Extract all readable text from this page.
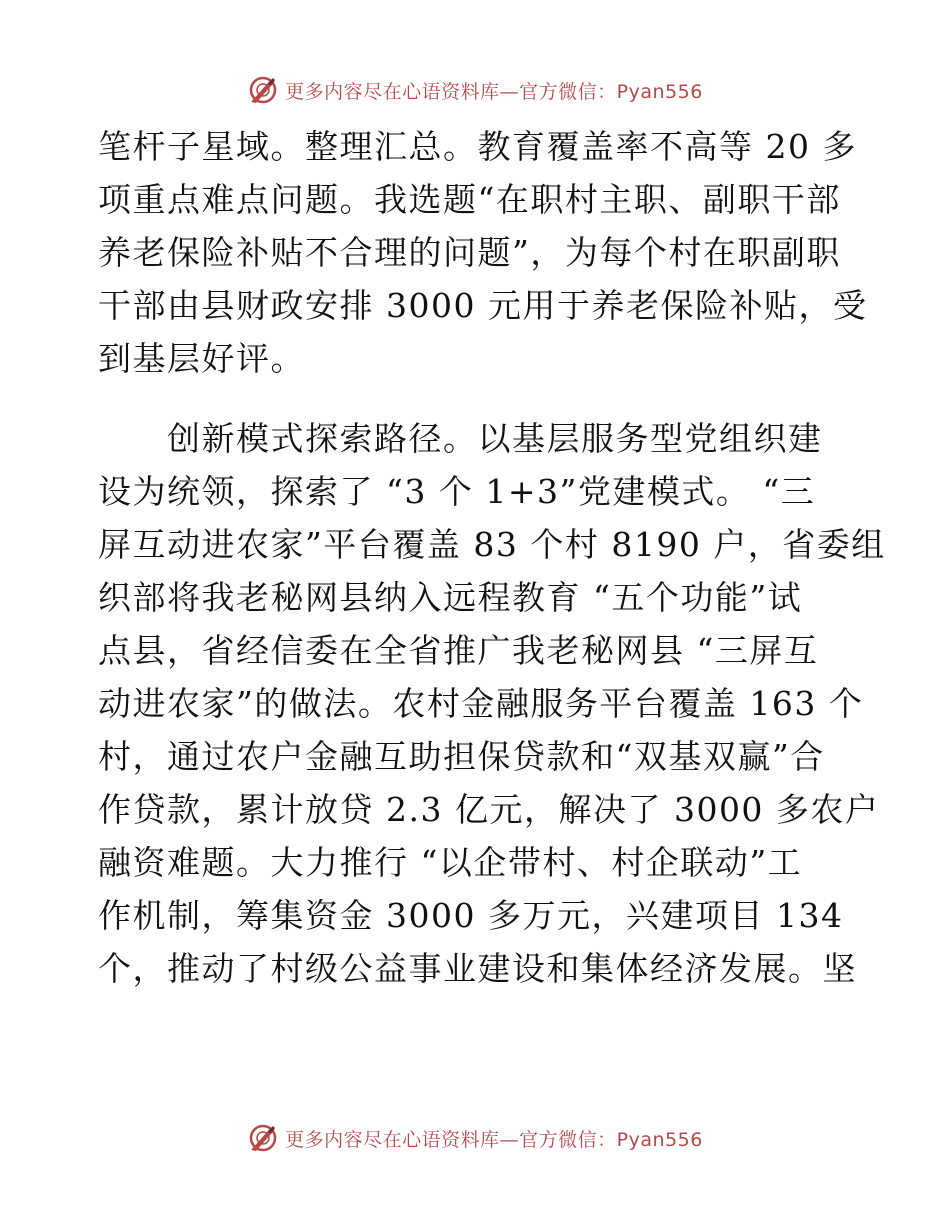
更多内容尽在心语资料库—官方微信：Pyan556
笔杆子星域。整理汇总。教育覆盖率不高等 20 多
项重点难点问题。我选题“在职村主职、副职干部
养老保险补贴不合理的问题”，为每个村在职副职
干部由县财政安排 3000 元用于养老保险补贴，受
到基层好评。
　　创新模式探索路径。以基层服务型党组织建
设为统领，探索了 “3 个 1+3”党建模式。 “三
屏互动进农家”平台覆盖 83 个村 8190 户，省委组
织部将我老秘网县纳入远程教育 “五个功能”试
点县，省经信委在全省推广我老秘网县 “三屏互
动进农家”的做法。农村金融服务平台覆盖 163 个
村，通过农户金融互助担保贷款和“双基双赢”合
作贷款，累计放贷 2.3 亿元，解决了 3000 多农户
融资难题。大力推行 “以企带村、村企联动”工
作机制，筹集资金 3000 多万元，兴建项目 134
个，推动了村级公益事业建设和集体经济发展。坚
更多内容尽在心语资料库—官方微信：Pyan556
